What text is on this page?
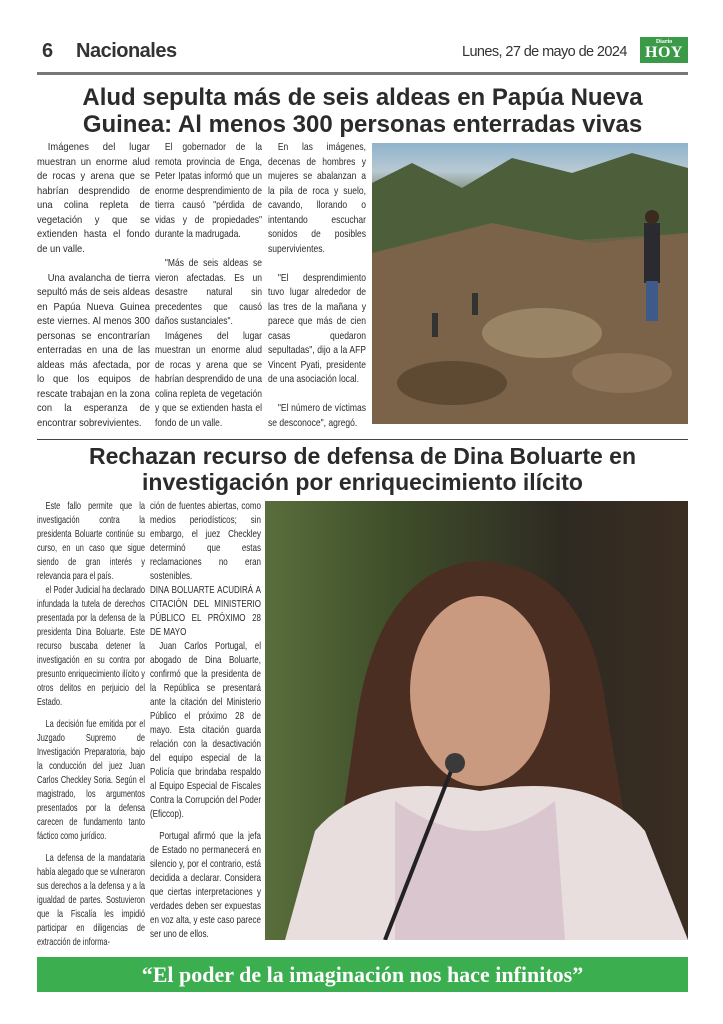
6 Nacionales	Lunes, 27 de mayo de 2024
Diario
HOY
Alud sepulta más de seis aldeas en Papúa Nueva Guinea: Al menos 300 personas enterradas vivas

Imágenes del lugar muestran un enorme alud de rocas y arena que se habrían desprendido de una colina repleta de vegetación y que se extienden hasta el fondo de un valle.

Una avalancha de tierra sepultó más de seis aldeas en Papúa Nueva Guinea este viernes. Al menos 300 personas se encontrarían enterradas en una de las aldeas más afectada, por lo que los equipos de rescate trabajan en la zona con la esperanza de encontrar sobrevivientes.

El gobernador de la remota provincia de Enga, Peter Ipatas informó que un enorme desprendimiento de tierra causó "pérdida de vidas y de propiedades" durante la madrugada.

"Más de seis aldeas se vieron afectadas. Es un desastre natural sin precedentes que causó daños sustanciales".

Imágenes del lugar muestran un enorme alud de rocas y arena que se habrían desprendido de una colina repleta de vegetación y que se extienden hasta el fondo de un valle.

En las imágenes, decenas de hombres y mujeres se abalanzan a la pila de roca y suelo, cavando, llorando o intentando escuchar sonidos de posibles supervivientes.

"El desprendimiento tuvo lugar alrededor de las tres de la mañana y parece que más de cien casas quedaron sepultadas", dijo a la AFP Vincent Pyati, presidente de una asociación local.

"El número de víctimas se desconoce", agregó.

Rechazan recurso de defensa de Dina Boluarte en investigación por enriquecimiento ilícito

Este fallo permite que la investigación contra la presidenta Boluarte continúe su curso, en un caso que sigue siendo de gran interés y relevancia para el país.

el Poder Judicial ha declarado infundada la tutela de derechos presentada por la defensa de la presidenta Dina Boluarte. Este recurso buscaba detener la investigación en su contra por presunto enriquecimiento ilícito y otros delitos en perjuicio del Estado.

La decisión fue emitida por el Juzgado Supremo de Investigación Preparatoria, bajo la conducción del juez Juan Carlos Checkley Soria. Según el magistrado, los argumentos presentados por la defensa carecen de fundamento tanto fáctico como jurídico.

La defensa de la mandataria había alegado que se vulneraron sus derechos a la defensa y a la igualdad de partes. Sostuvieron que la Fiscalía les impidió participar en diligencias de extracción de informa-

ción de fuentes abiertas, como medios periodísticos; sin embargo, el juez Checkley determinó que estas reclamaciones no eran sostenibles.

DINA BOLUARTE ACUDIRÁ A CITACIÓN DEL MINISTERIO PÚBLICO EL PRÓXIMO 28 DE MAYO

Juan Carlos Portugal, el abogado de Dina Boluarte, confirmó que la presidenta de la República se presentará ante la citación del Ministerio Público el próximo 28 de mayo. Esta citación guarda relación con la desactivación del equipo especial de la Policía que brindaba respaldo al Equipo Especial de Fiscales Contra la Corrupción del Poder (Eficcop).

Portugal afirmó que la jefa de Estado no permanecerá en silencio y, por el contrario, está decidida a declarar. Considera que ciertas interpretaciones y verdades deben ser expuestas en voz alta, y este caso parece ser uno de ellos.

“El poder de la imaginación nos hace infinitos”
